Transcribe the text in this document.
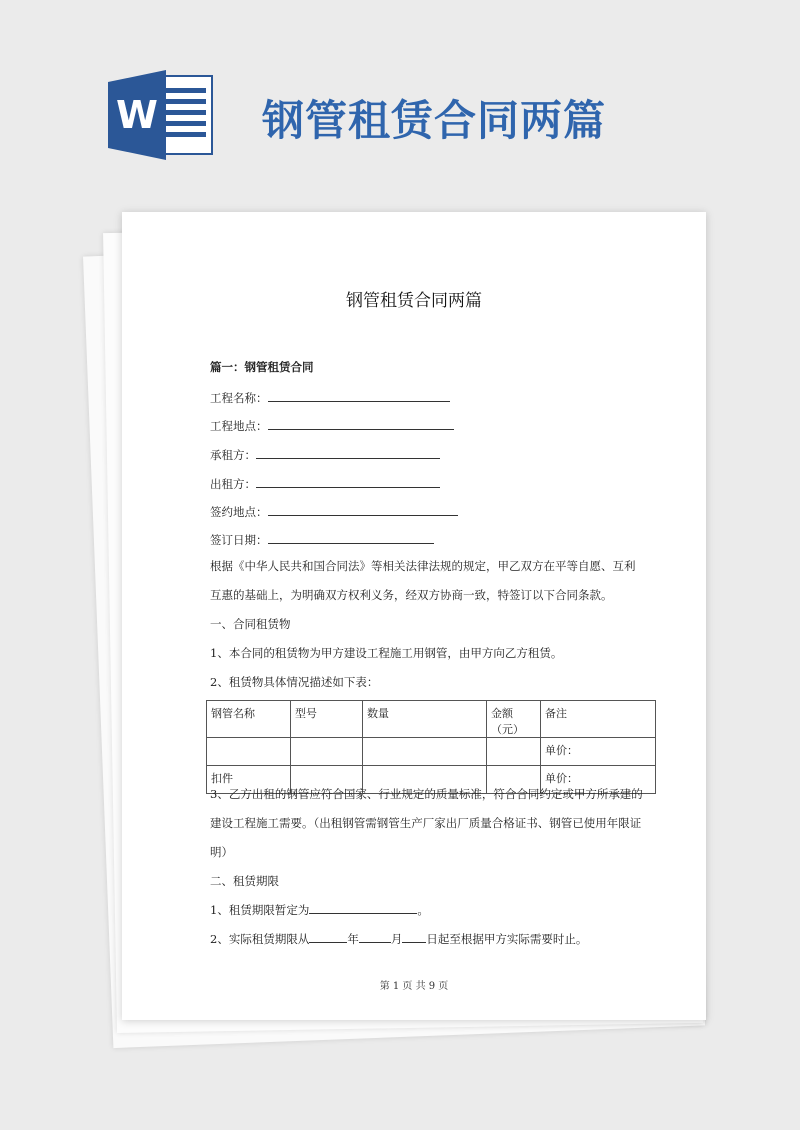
W 钢管租赁合同两篇
钢管租赁合同两篇
篇一：钢管租赁合同
工程名称：
工程地点：
承租方：
出租方：
签约地点：
签订日期：
根据《中华人民共和国合同法》等相关法律法规的规定，甲乙双方在平等自愿、互利
互惠的基础上，为明确双方权利义务，经双方协商一致，特签订以下合同条款。
一、合同租赁物
1、本合同的租赁物为甲方建设工程施工用钢管，由甲方向乙方租赁。
2、租赁物具体情况描述如下表：
钢管名称	型号	数量	金额（元）	备注
				单价：
扣件				单价：
3、乙方出租的钢管应符合国家、行业规定的质量标准，符合合同约定或甲方所承建的
建设工程施工需要。（出租钢管需钢管生产厂家出厂质量合格证书、钢管已使用年限证
明）
二、租赁期限
1、租赁期限暂定为	。
2、实际租赁期限从	年	月 日起至根据甲方实际需要时止。
第 1 页 共 9 页
